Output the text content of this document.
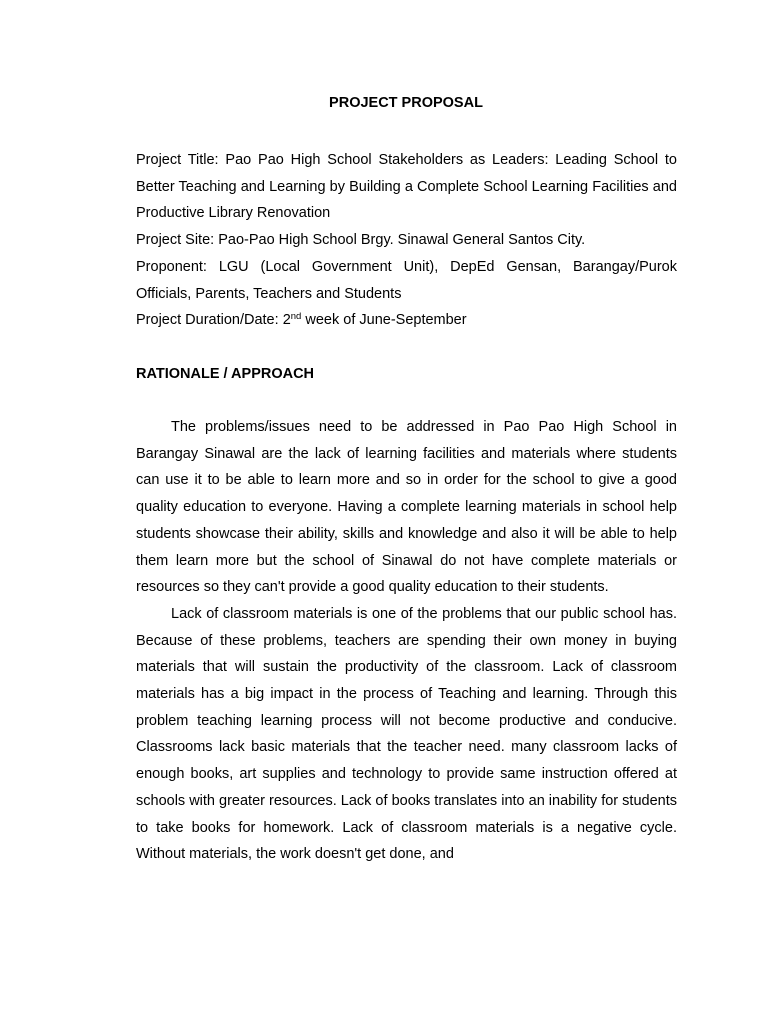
PROJECT PROPOSAL

Project Title: Pao Pao High School Stakeholders as Leaders: Leading School to Better Teaching and Learning by Building a Complete School Learning Facilities and Productive Library Renovation

Project Site: Pao-Pao High School Brgy. Sinawal General Santos City.

Proponent: LGU (Local Government Unit), DepEd Gensan, Barangay/Purok Officials, Parents, Teachers and Students

Project Duration/Date: 2nd week of June-September

RATIONALE / APPROACH

The problems/issues need to be addressed in Pao Pao High School in Barangay Sinawal are the lack of learning facilities and materials where students can use it to be able to learn more and so in order for the school to give a good quality education to everyone. Having a complete learning materials in school help students showcase their ability, skills and knowledge and also it will be able to help them learn more but the school of Sinawal do not have complete materials or resources so they can't provide a good quality education to their students.

Lack of classroom materials is one of the problems that our public school has. Because of these problems, teachers are spending their own money in buying materials that will sustain the productivity of the classroom. Lack of classroom materials has a big impact in the process of Teaching and learning. Through this problem teaching learning process will not become productive and conducive. Classrooms lack basic materials that the teacher need. many classroom lacks of enough books, art supplies and technology to provide same instruction offered at schools with greater resources. Lack of books translates into an inability for students to take books for homework. Lack of classroom materials is a negative cycle. Without materials, the work doesn't get done, and
